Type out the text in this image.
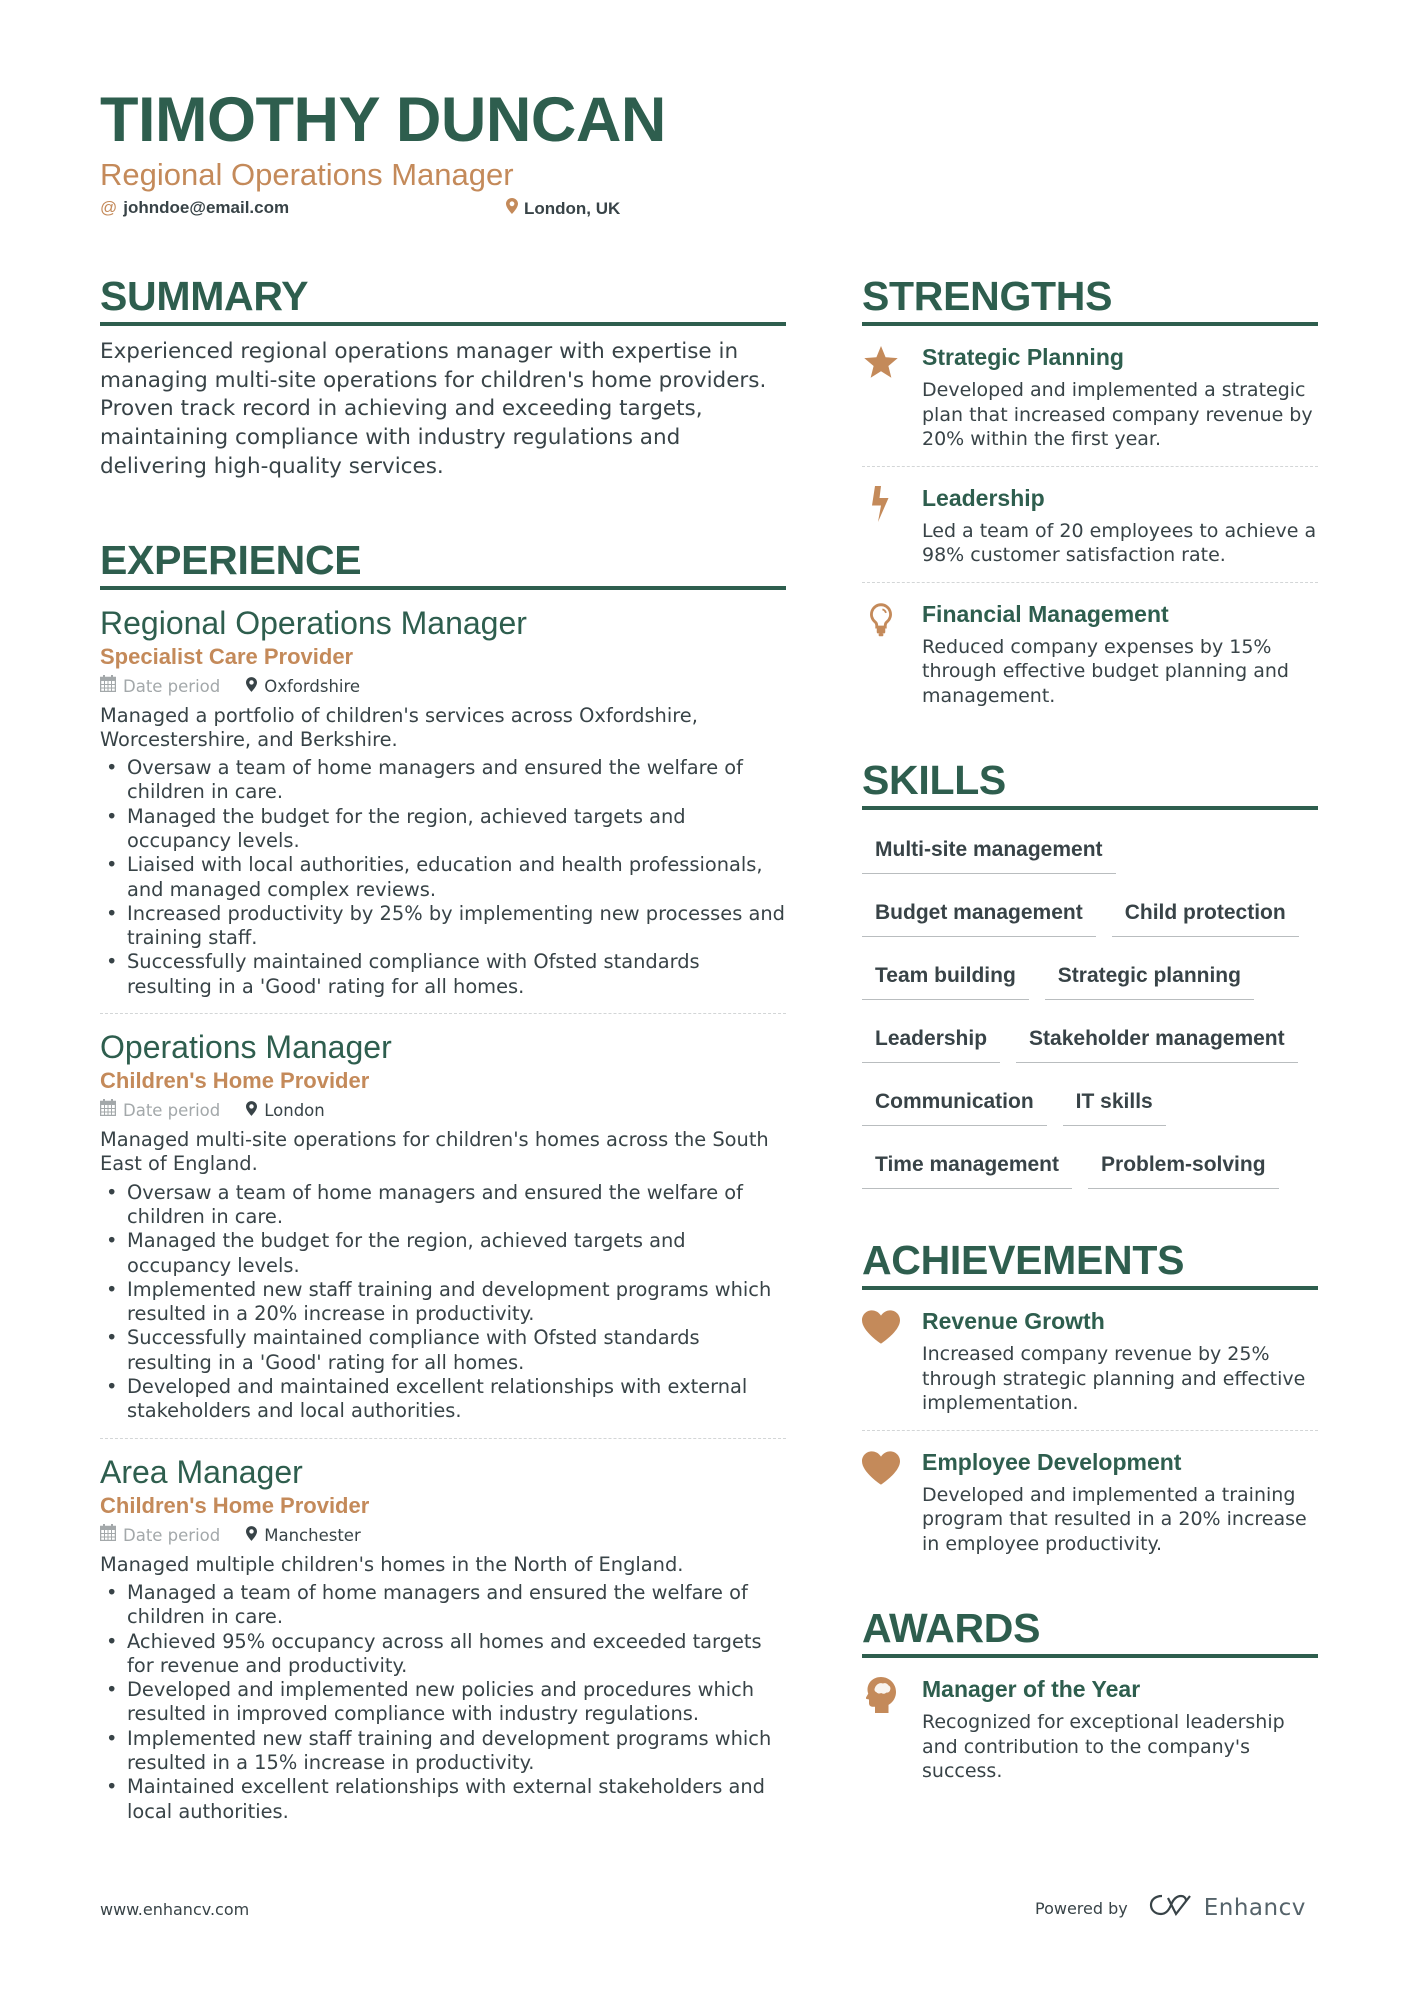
TIMOTHY DUNCAN
Regional Operations Manager
@ johndoe@email.com	London, UK
SUMMARY

Experienced regional operations manager with expertise in managing multi-site operations for children's home providers. Proven track record in achieving and exceeding targets, maintaining compliance with industry regulations and delivering high-quality services.

EXPERIENCE
Regional Operations Manager
Specialist Care Provider
Date period	Oxfordshire

Managed a portfolio of children's services across Oxfordshire, Worcestershire, and Berkshire.

• Oversaw a team of home managers and ensured the welfare of children in care.
• Managed the budget for the region, achieved targets and occupancy levels.
• Liaised with local authorities, education and health professionals, and managed complex reviews.
• Increased productivity by 25% by implementing new processes and training staff.
• Successfully maintained compliance with Ofsted standards resulting in a 'Good' rating for all homes.
Operations Manager
Children's Home Provider
Date period	London

Managed multi-site operations for children's homes across the South East of England.

• Oversaw a team of home managers and ensured the welfare of children in care.
• Managed the budget for the region, achieved targets and occupancy levels.
• Implemented new staff training and development programs which resulted in a 20% increase in productivity.
• Successfully maintained compliance with Ofsted standards resulting in a 'Good' rating for all homes.
• Developed and maintained excellent relationships with external stakeholders and local authorities.
Area Manager
Children's Home Provider
Date period	Manchester

Managed multiple children's homes in the North of England.

• Managed a team of home managers and ensured the welfare of children in care.
• Achieved 95% occupancy across all homes and exceeded targets for revenue and productivity.
• Developed and implemented new policies and procedures which resulted in improved compliance with industry regulations.
• Implemented new staff training and development programs which resulted in a 15% increase in productivity.
• Maintained excellent relationships with external stakeholders and local authorities.
STRENGTHS
Strategic Planning

Developed and implemented a strategic plan that increased company revenue by 20% within the first year.

Leadership

Led a team of 20 employees to achieve a 98% customer satisfaction rate.

Financial Management

Reduced company expenses by 15% through effective budget planning and management.

SKILLS
Multi-site management
Budget management	Child protection
Team building	Strategic planning
Leadership	Stakeholder management
Communication	IT skills
Time management	Problem-solving
ACHIEVEMENTS
Revenue Growth

Increased company revenue by 25% through strategic planning and effective implementation.

Employee Development

Developed and implemented a training program that resulted in a 20% increase in employee productivity.

AWARDS
Manager of the Year

Recognized for exceptional leadership and contribution to the company's success.

www.enhancv.com	Powered by	Enhancv
